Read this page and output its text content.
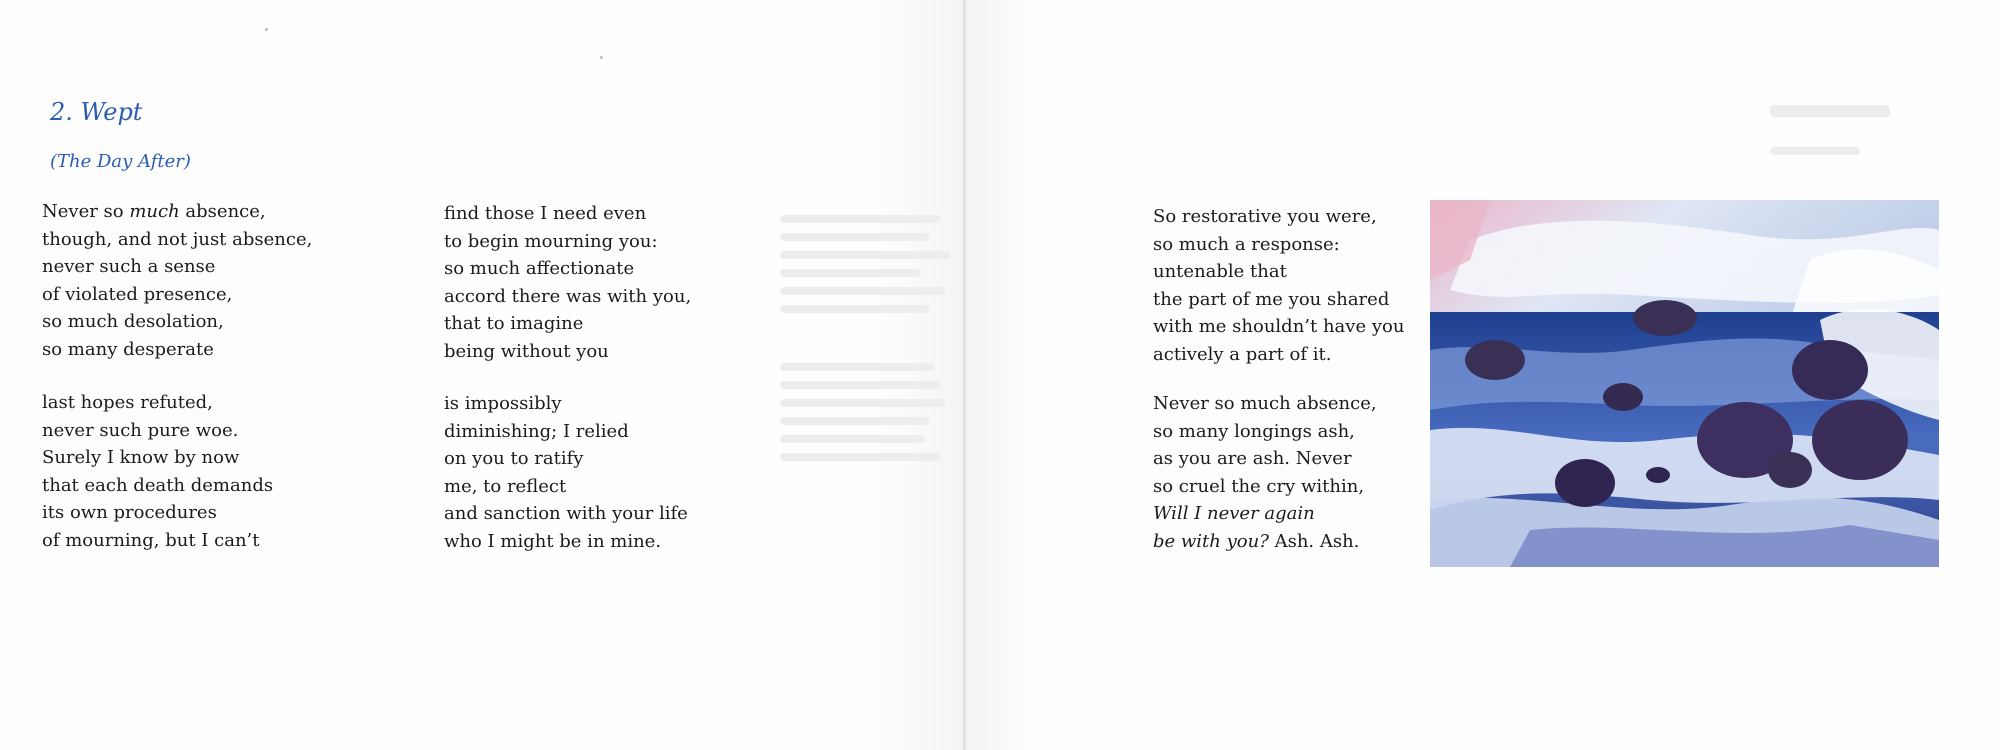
2. Wept

(The Day After)

Never so much absence,
though, and not just absence,
never such a sense
of violated presence,
so much desolation,
so many desperate
last hopes refuted,
never such pure woe.
Surely I know by now
that each death demands
its own procedures
of mourning, but I can’t
find those I need even
to begin mourning you:
so much affectionate
accord there was with you,
that to imagine
being without you
is impossibly
diminishing; I relied
on you to ratify
me, to reflect
and sanction with your life
who I might be in mine.
So restorative you were,
so much a response:
untenable that
the part of me you shared
with me shouldn’t have you
actively a part of it.
Never so much absence,
so many longings ash,
as you are ash. Never
so cruel the cry within,
Will I never again
be with you? Ash. Ash.
